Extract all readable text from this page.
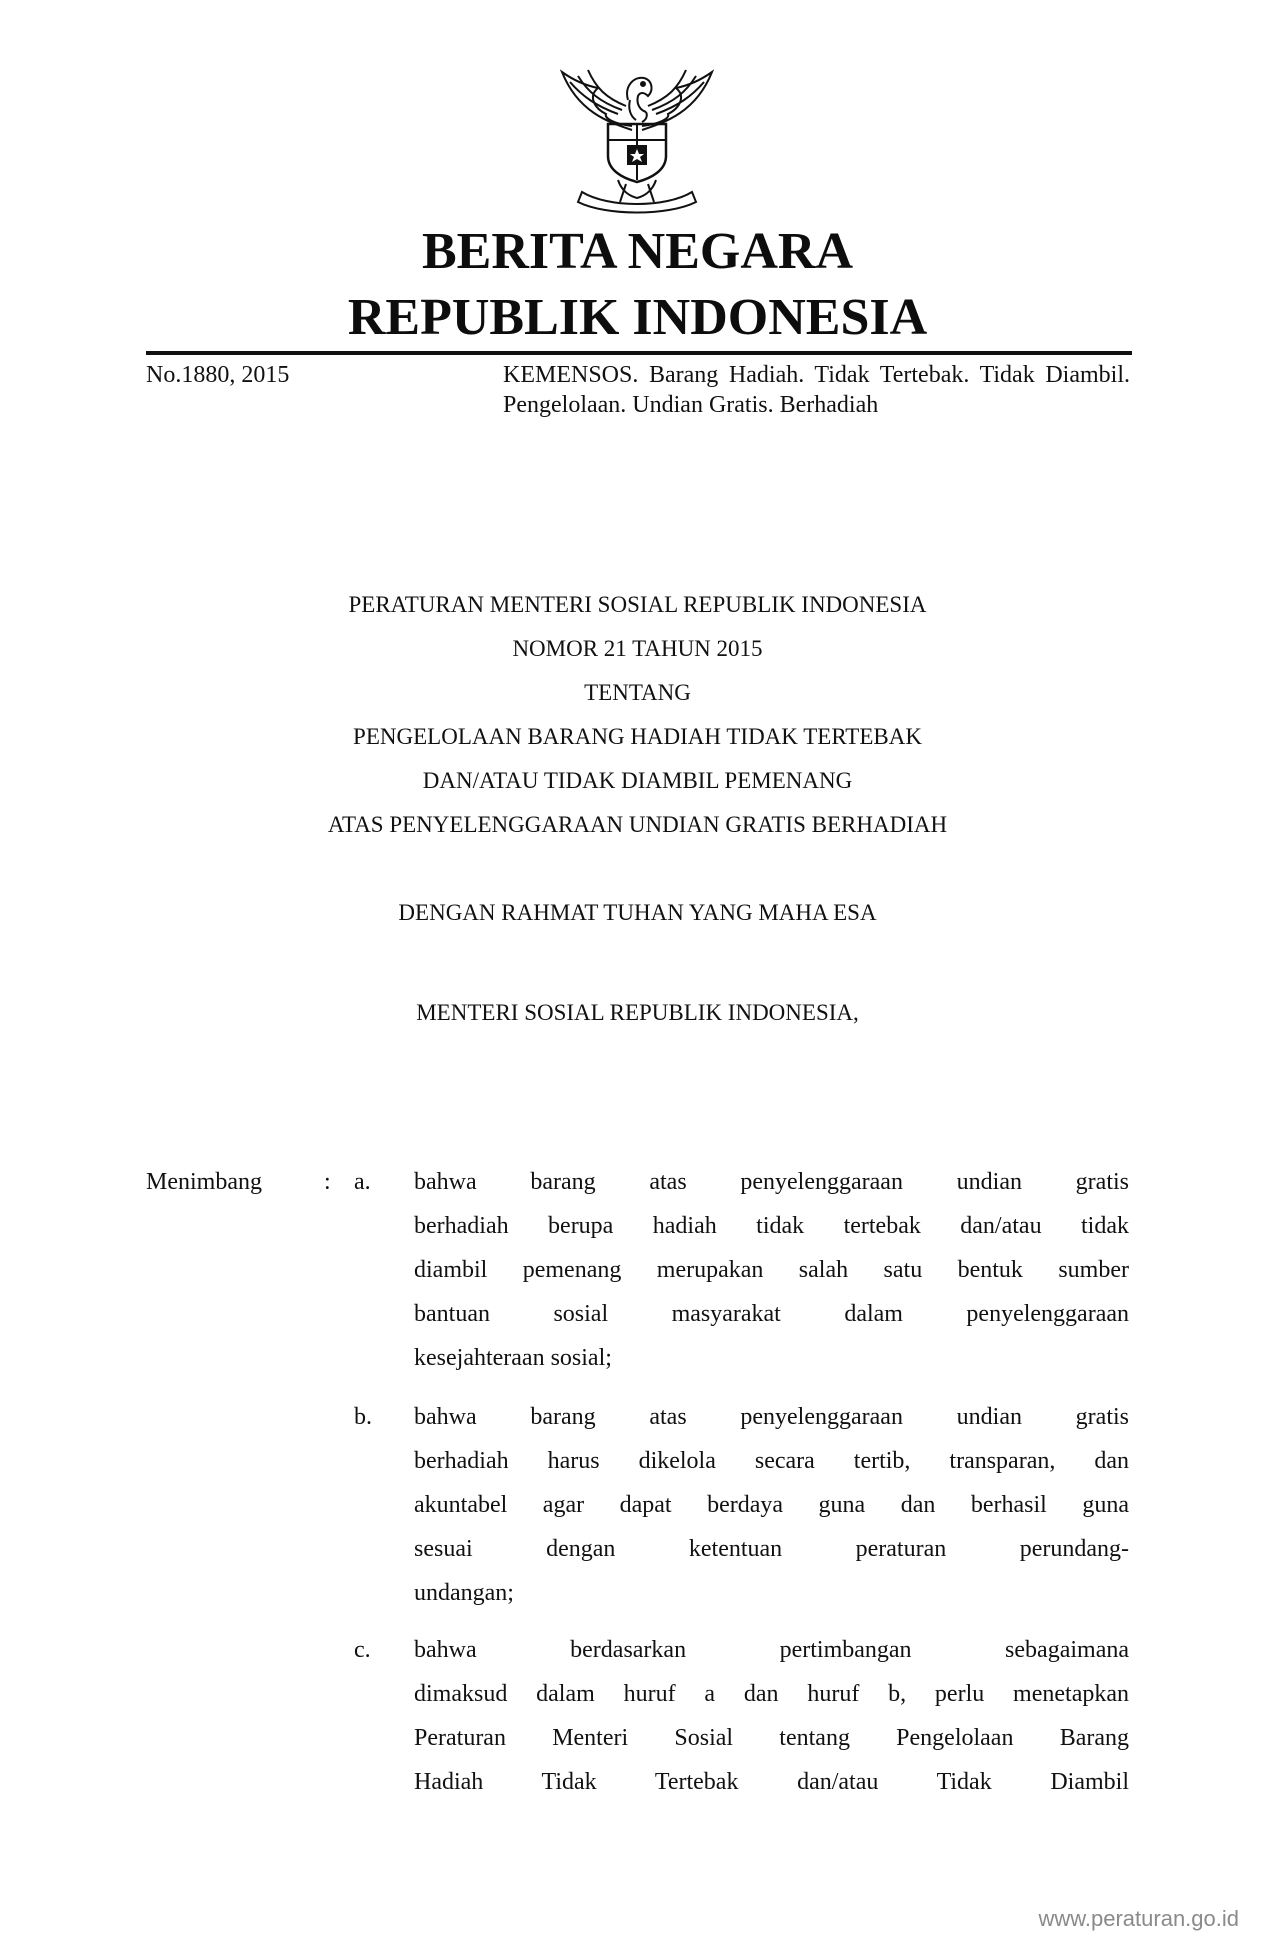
BERITA NEGARA
REPUBLIK INDONESIA
No.1880, 2015	KEMENSOS. Barang Hadiah. Tidak Tertebak. Tidak Diambil. Pengelolaan. Undian Gratis. Berhadiah
PERATURAN MENTERI SOSIAL REPUBLIK INDONESIA
NOMOR 21 TAHUN 2015
TENTANG
PENGELOLAAN BARANG HADIAH TIDAK TERTEBAK
DAN/ATAU TIDAK DIAMBIL PEMENANG
ATAS PENYELENGGARAAN UNDIAN GRATIS BERHADIAH
DENGAN RAHMAT TUHAN YANG MAHA ESA
MENTERI SOSIAL REPUBLIK INDONESIA,
Menimbang	: a. bahwa barang atas penyelenggaraan undian gratis
berhadiah berupa hadiah tidak tertebak dan/atau tidak
diambil pemenang merupakan salah satu bentuk sumber
bantuan sosial masyarakat dalam penyelenggaraan
kesejahteraan sosial;
b. bahwa barang atas penyelenggaraan undian gratis
berhadiah harus dikelola secara tertib, transparan, dan
akuntabel agar dapat berdaya guna dan berhasil guna
sesuai dengan ketentuan peraturan perundang-
undangan;
c. bahwa berdasarkan pertimbangan sebagaimana
dimaksud dalam huruf a dan huruf b, perlu menetapkan
Peraturan Menteri Sosial tentang Pengelolaan Barang
Hadiah Tidak Tertebak dan/atau Tidak Diambil
www.peraturan.go.id
